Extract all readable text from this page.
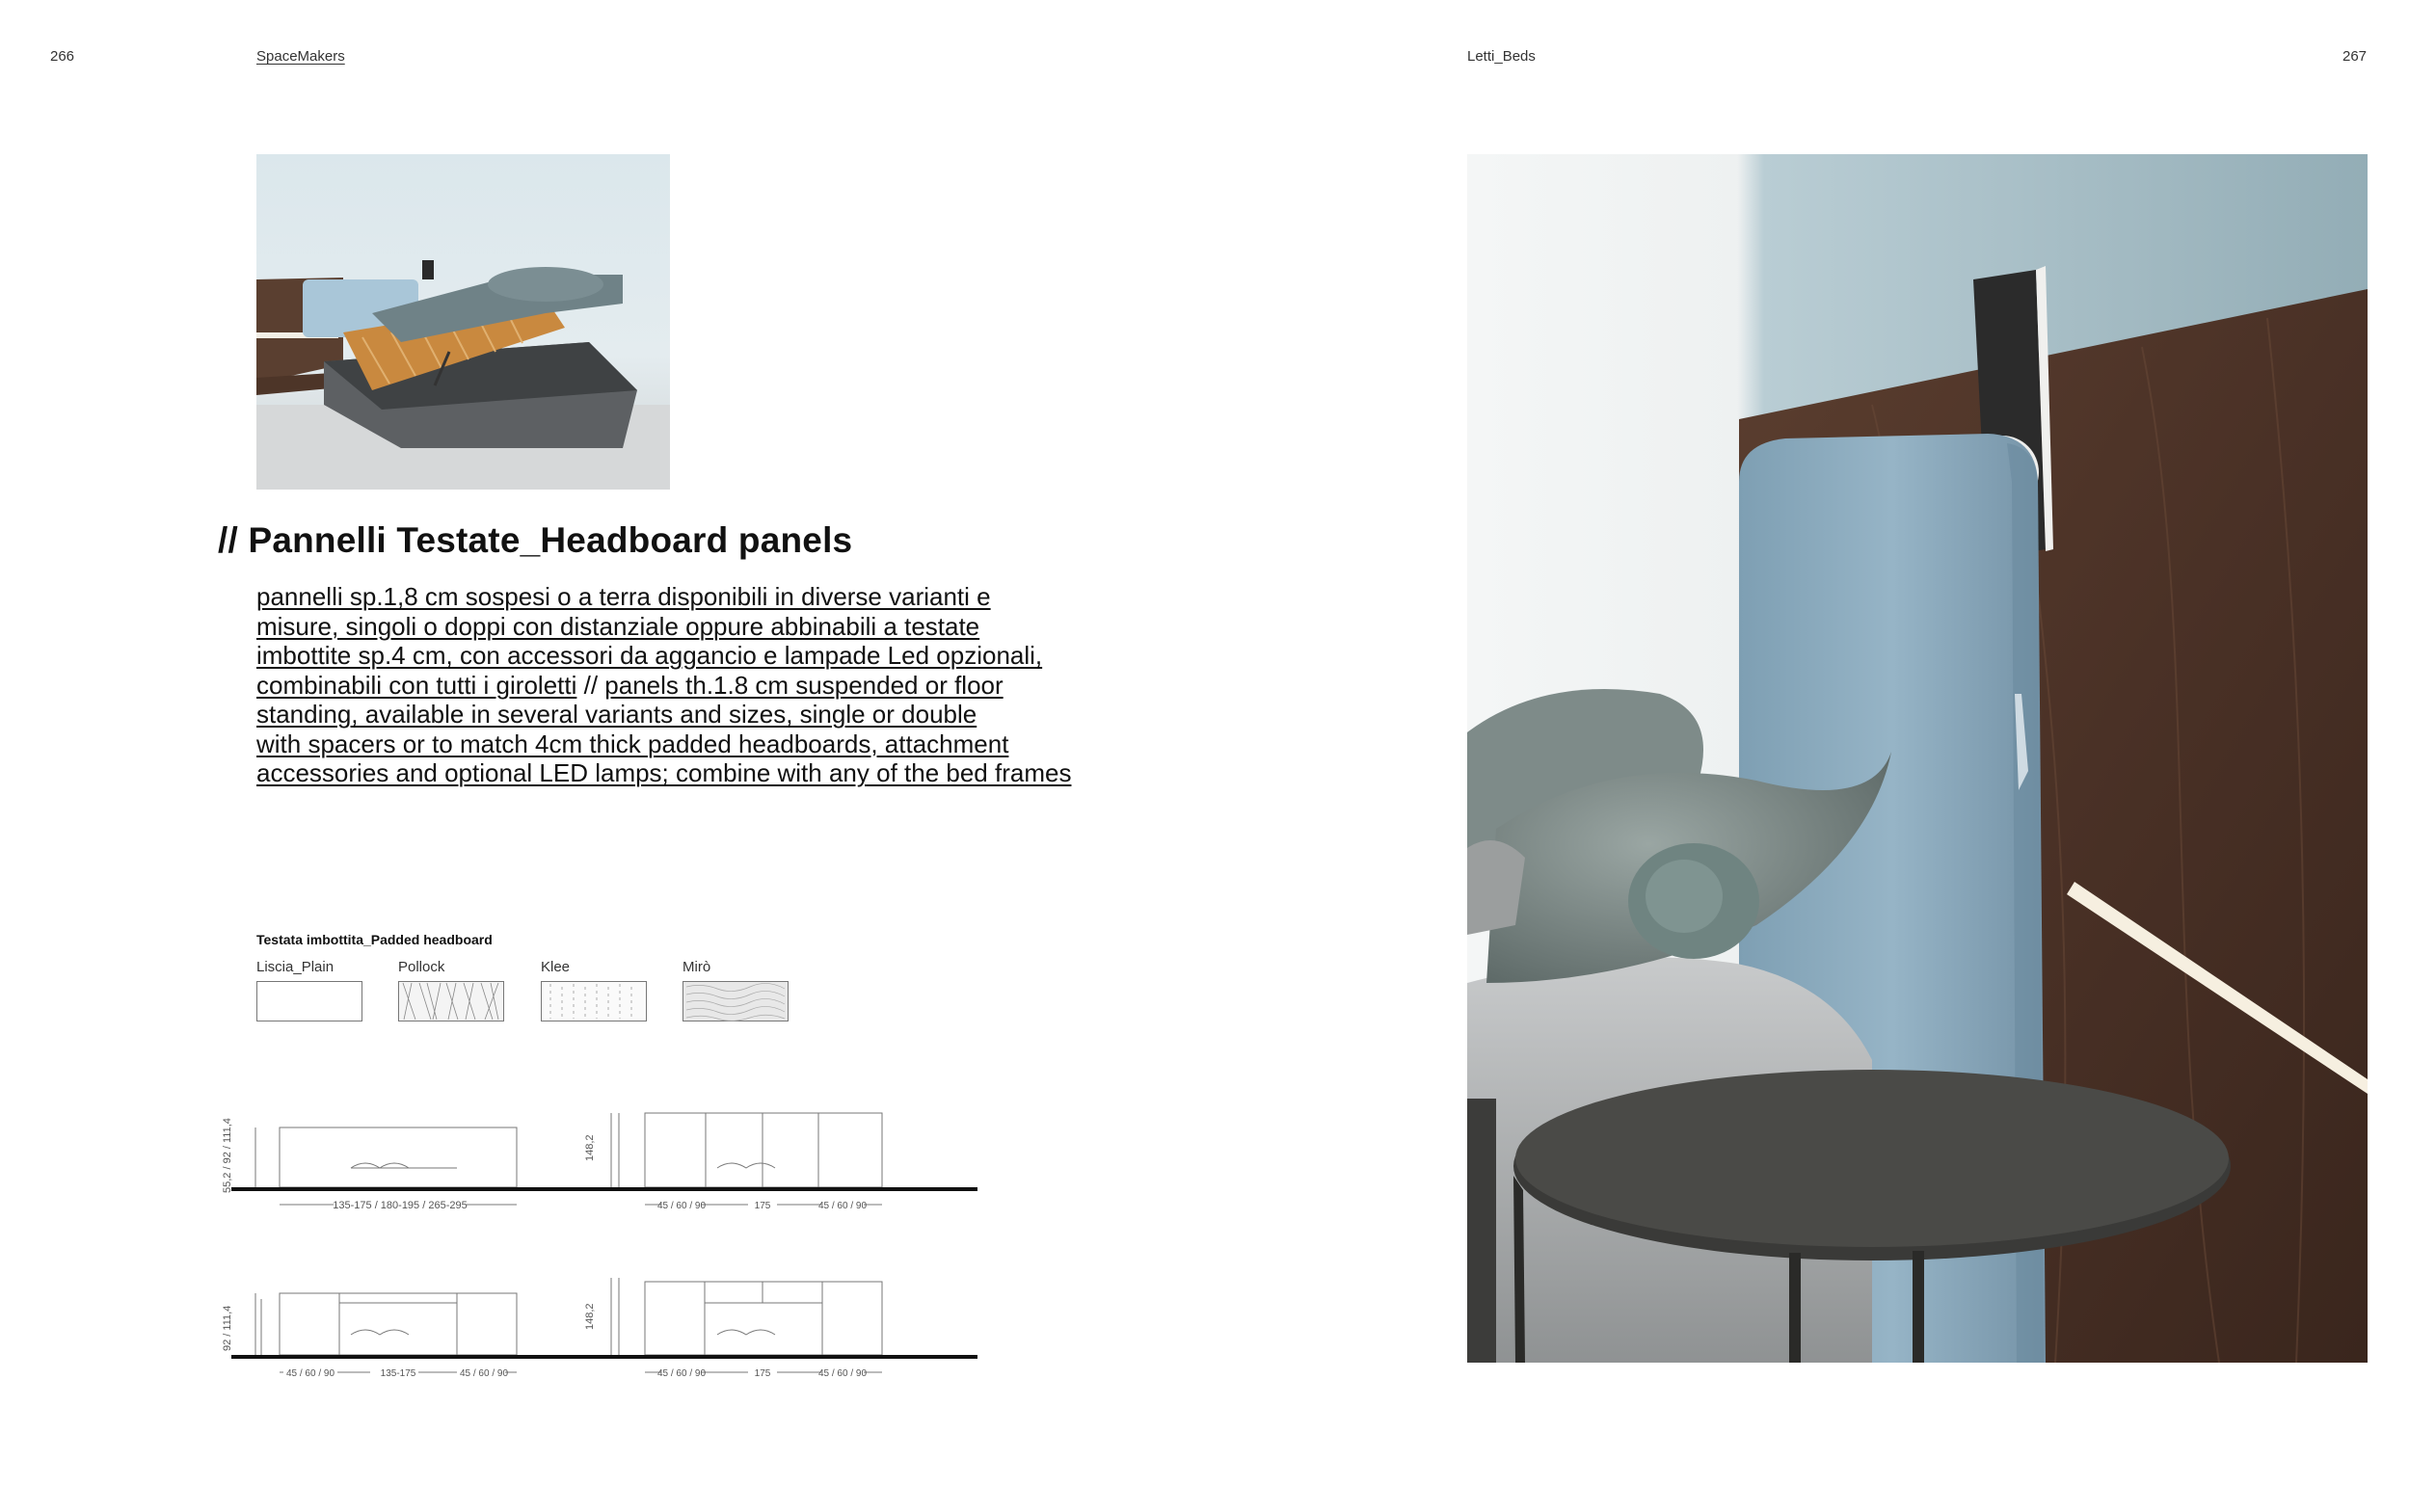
266	SpaceMakers	Letti_Beds	267
// Pannelli Testate_Headboard panels

pannelli sp.1,8 cm sospesi o a terra disponibili in diverse varianti e
misure, singoli o doppi con distanziale oppure abbinabili a testate
imbottite sp.4 cm, con accessori da aggancio e lampade Led opzionali,
combinabili con tutti i giroletti // panels th.1.8 cm suspended or floor
standing, available in several variants and sizes, single or double
with spacers or to match 4cm thick padded headboards, attachment
accessories and optional LED lamps; combine with any of the bed frames

Testata imbottita_Padded headboard
Liscia_Plain	Pollock	Klee	Mirò
55,2 / 92 / 111,4
135-175 / 180-195 / 265-295
148,2
45 / 60 / 90	175	45 / 60 / 90
92 / 111,4
45 / 60 / 90	135-175	45 / 60 / 90
148,2
45 / 60 / 90	175	45 / 60 / 90
